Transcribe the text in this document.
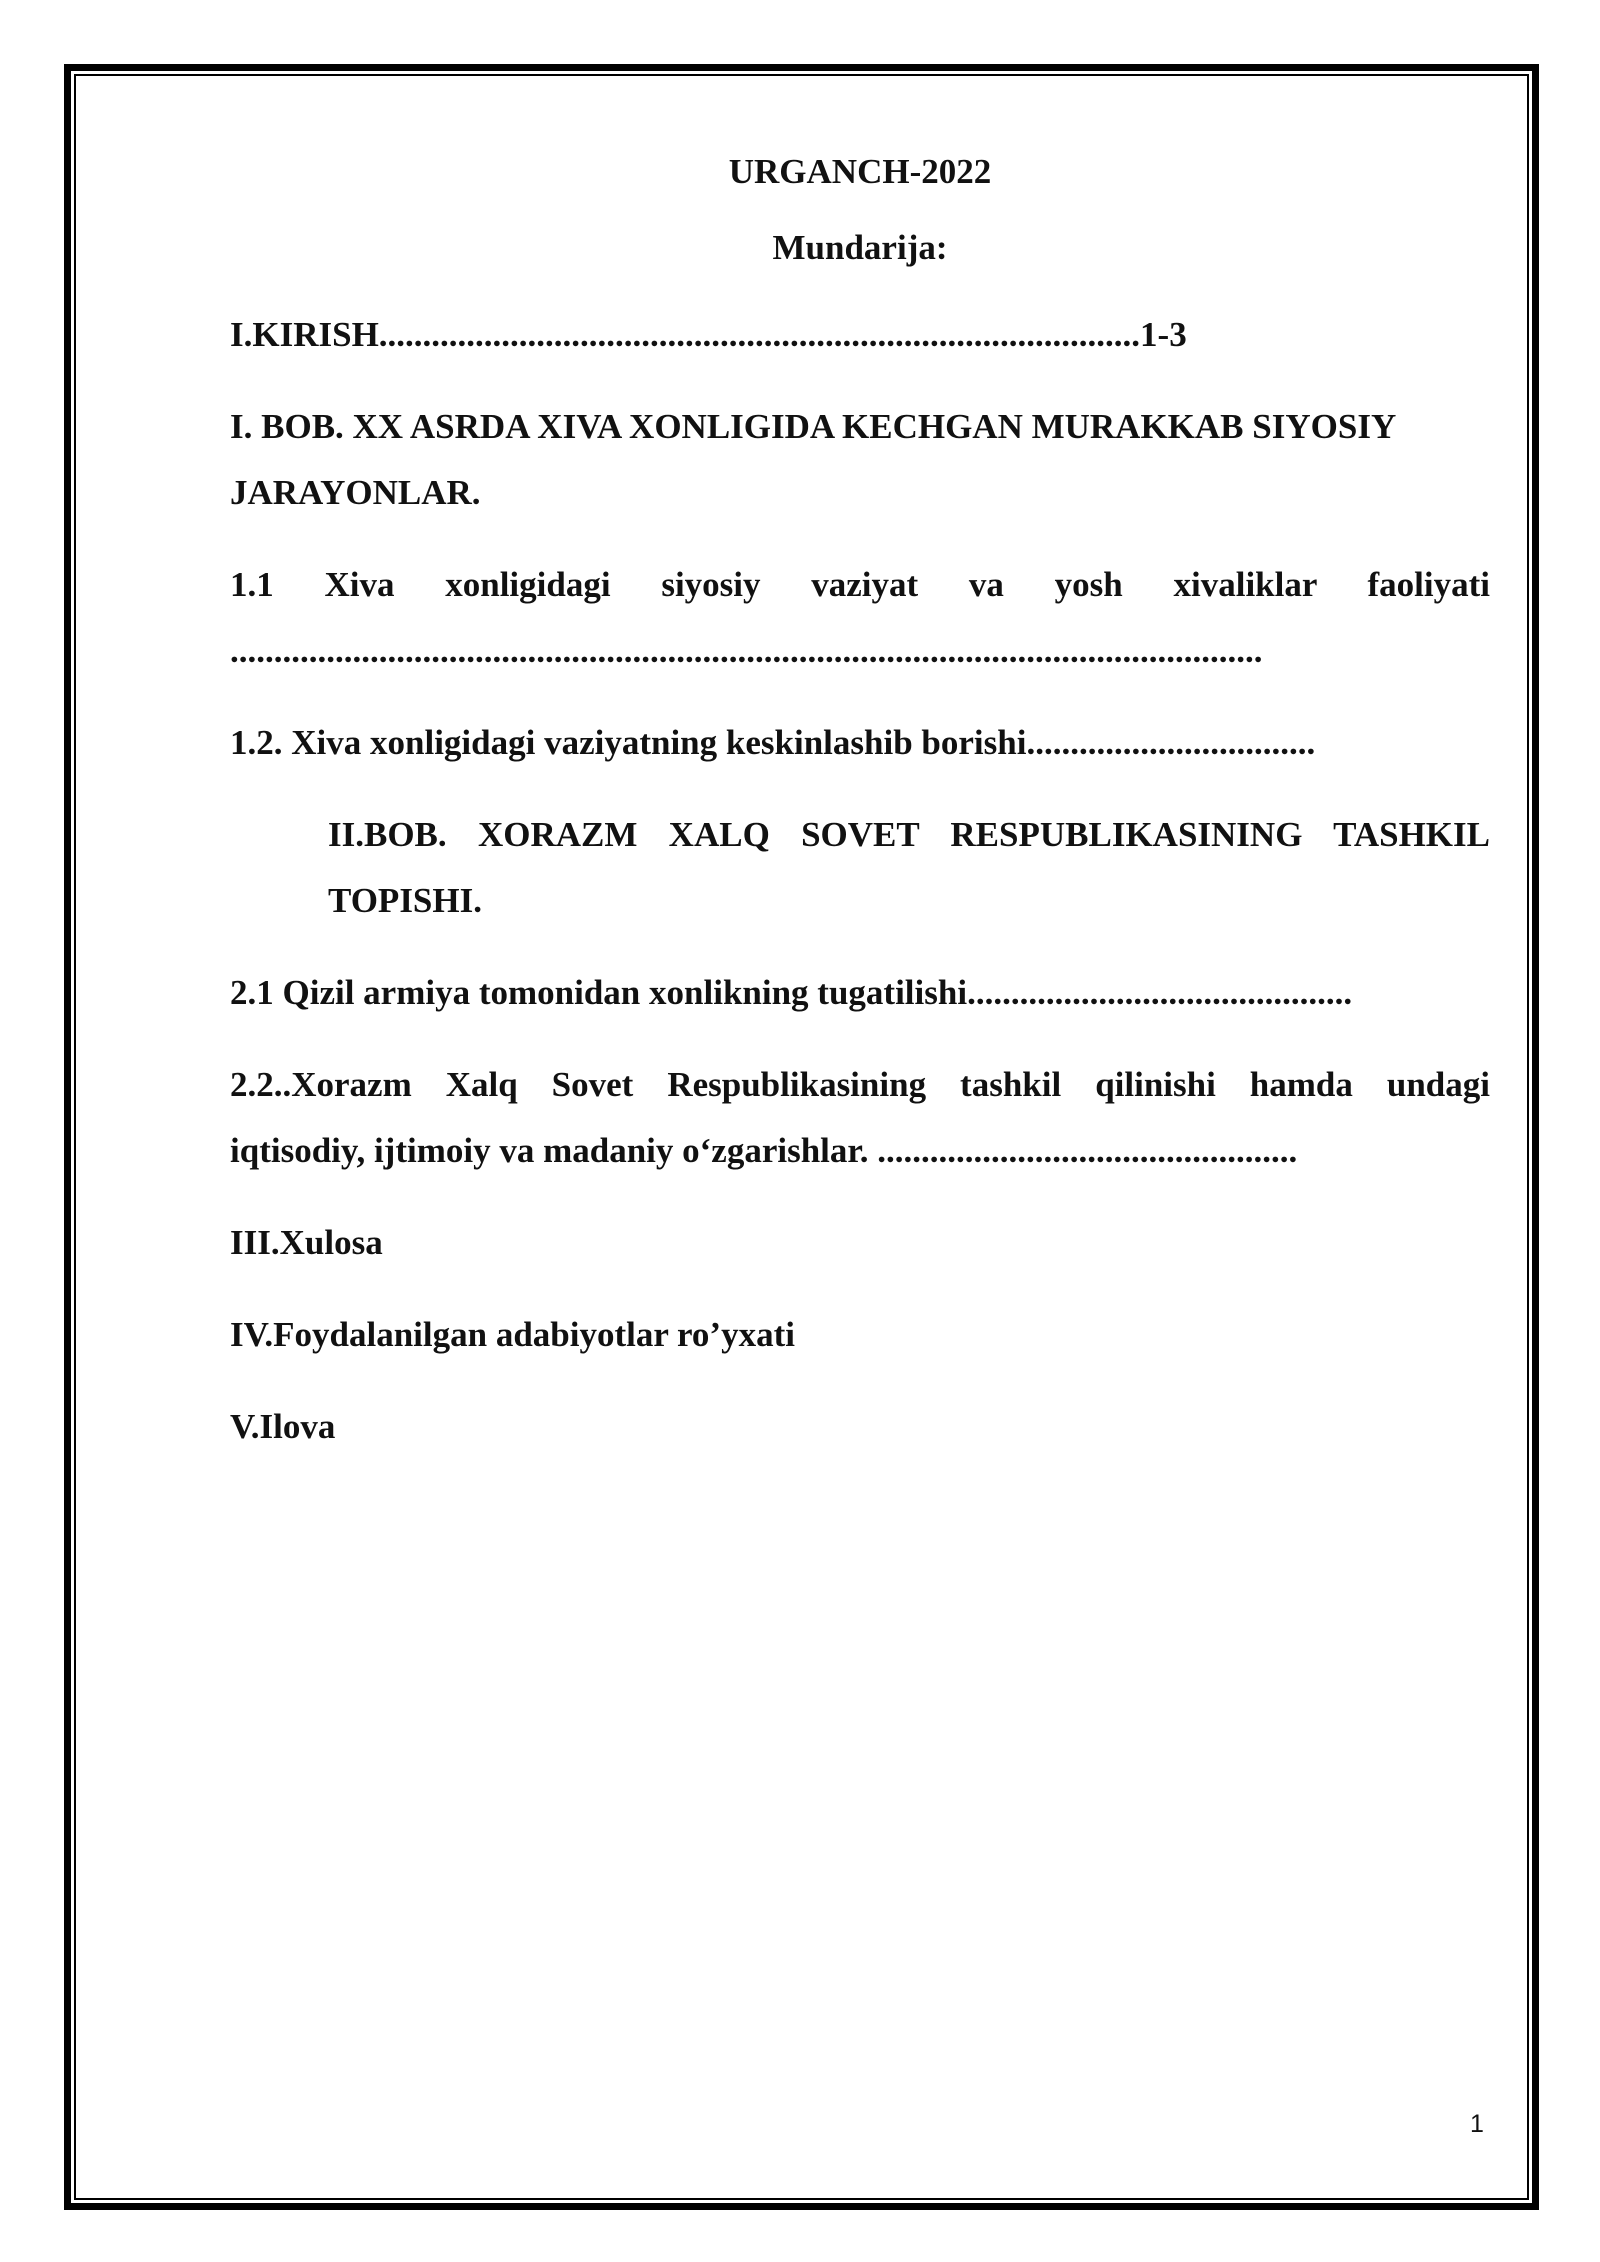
URGANCH-2022

Mundarija:

I.KIRISH.......................................................................................1-3
I. BOB. XX ASRDA XIVA XONLIGIDA KECHGAN MURAKKAB SIYOSIY
JARAYONLAR.
1.1 Xiva xonligidagi siyosiy vaziyat va yosh xivaliklar faoliyati
......................................................................................................................
1.2. Xiva xonligidagi vaziyatning keskinlashib borishi.................................
II.BOB. XORAZM XALQ SOVET RESPUBLIKASINING TASHKIL
TOPISHI.
2.1 Qizil armiya tomonidan xonlikning tugatilishi............................................
2.2..Xorazm Xalq Sovet Respublikasining tashkil qilinishi hamda undagi
iqtisodiy, ijtimoiy va madaniy o‘zgarishlar. ................................................
III.Xulosa
IV.Foydalanilgan adabiyotlar ro’yxati
V.Ilova
1
